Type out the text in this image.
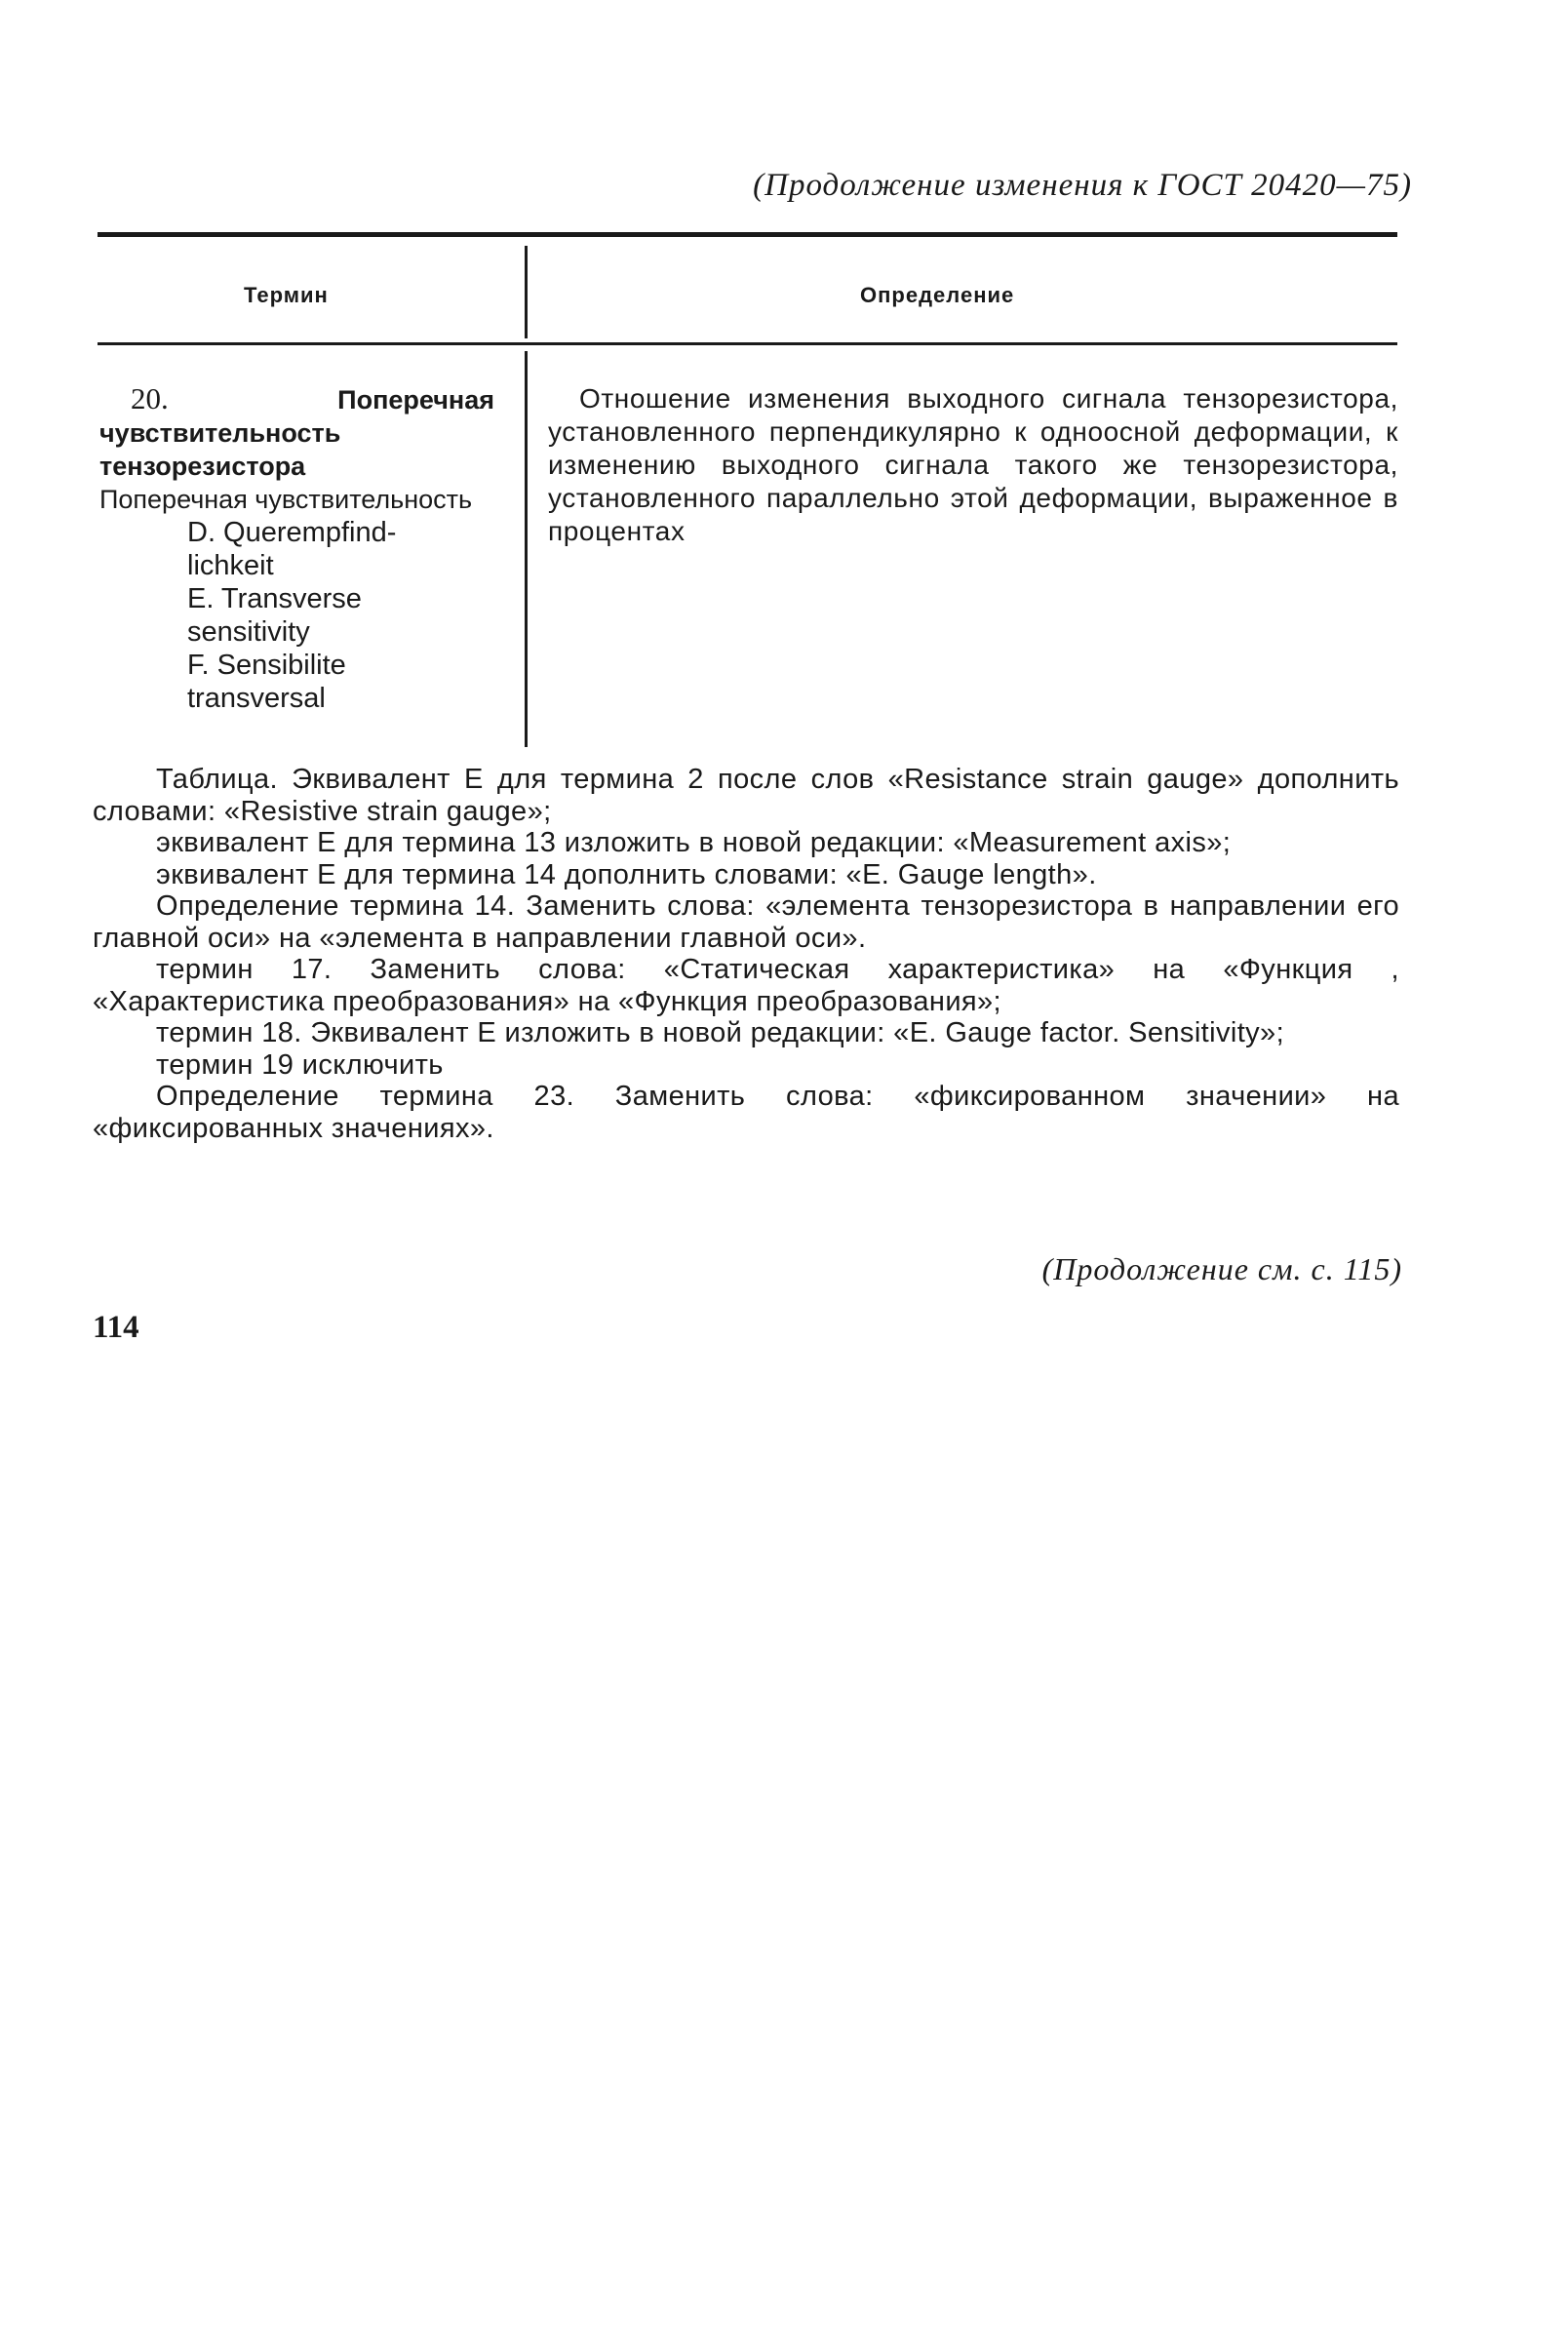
(Продолжение изменения к ГОСТ 20420—75)
Термин	Определение
20.	Поперечная чувствительность тензорезистора
Поперечная чувствительность
D. Querempfind-
lichkeit
E. Transverse
sensitivity
F. Sensibilite
transversal
Отношение изменения выходного сигнала тензорезистора, установленного перпендикулярно к одноосной деформации, к изменению выходного сигнала такого же тензорезистора, установленного параллельно этой деформации, выраженное в процентах

Таблица. Эквивалент Е для термина 2 после слов «Resistance strain gauge» дополнить словами: «Resistive strain gauge»;

эквивалент Е для термина 13 изложить в новой редакции: «Measurement axis»;

эквивалент Е для термина 14 дополнить словами: «E. Gauge length».

Определение термина 14. Заменить слова: «элемента тензорезистора в направлении его главной оси» на «элемента в направлении главной оси».

термин 17. Заменить слова: «Статическая характеристика» на «Функция , «Характеристика преобразования» на «Функция преобразования»;

термин 18. Эквивалент Е изложить в новой редакции: «E. Gauge factor. Sensitivity»;

термин 19 исключить

Определение термина 23. Заменить слова: «фиксированном значении» на «фиксированных значениях».

(Продолжение см. с. 115)
114
